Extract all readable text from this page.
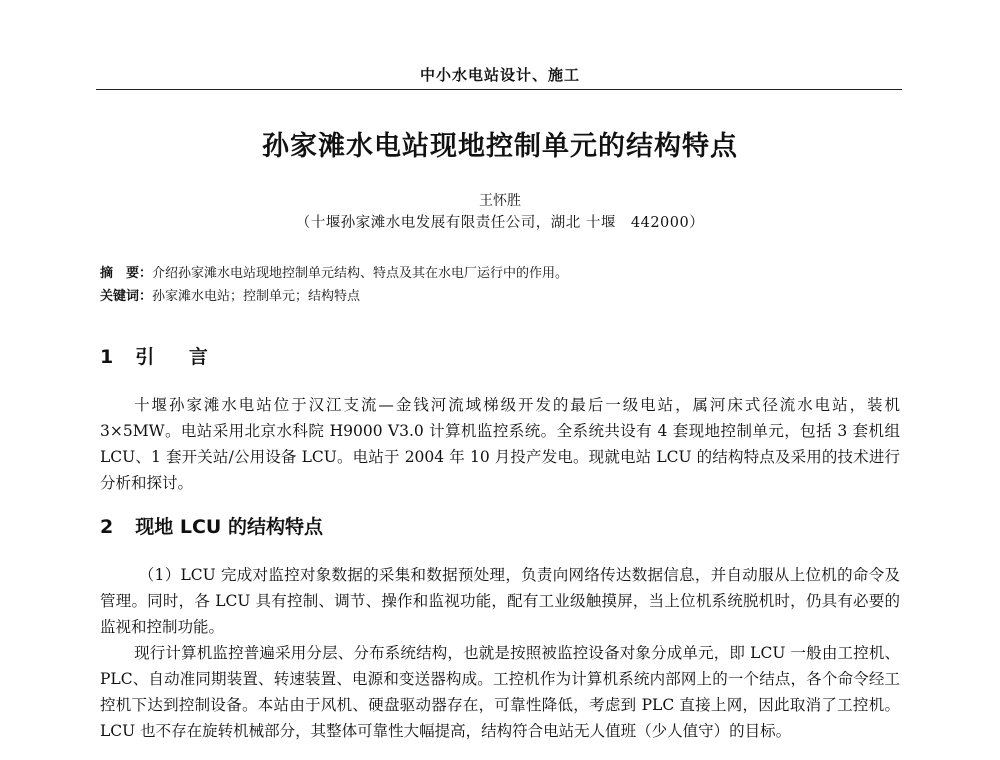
中小水电站设计、施工
孙家滩水电站现地控制单元的结构特点
王怀胜
（十堰孙家滩水电发展有限责任公司，湖北 十堰　442000）
摘　要：介绍孙家滩水电站现地控制单元结构、特点及其在水电厂运行中的作用。
关键词：孙家滩水电站；控制单元；结构特点
1 引 言

十堰孙家滩水电站位于汉江支流—金钱河流域梯级开发的最后一级电站，属河床式径流水电站，装机 3×5MW。电站采用北京水科院 H9000 V3.0 计算机监控系统。全系统共设有 4 套现地控制单元，包括 3 套机组 LCU、1 套开关站/公用设备 LCU。电站于 2004 年 10 月投产发电。现就电站 LCU 的结构特点及采用的技术进行分析和探讨。

2 现地 LCU 的结构特点

（1）LCU 完成对监控对象数据的采集和数据预处理，负责向网络传达数据信息，并自动服从上位机的命令及管理。同时，各 LCU 具有控制、调节、操作和监视功能，配有工业级触摸屏，当上位机系统脱机时，仍具有必要的监视和控制功能。

现行计算机监控普遍采用分层、分布系统结构，也就是按照被监控设备对象分成单元，即 LCU 一般由工控机、PLC、自动准同期装置、转速装置、电源和变送器构成。工控机作为计算机系统内部网上的一个结点，各个命令经工控机下达到控制设备。本站由于风机、硬盘驱动器存在，可靠性降低，考虑到 PLC 直接上网，因此取消了工控机。LCU 也不存在旋转机械部分，其整体可靠性大幅提高，结构符合电站无人值班（少人值守）的目标。
